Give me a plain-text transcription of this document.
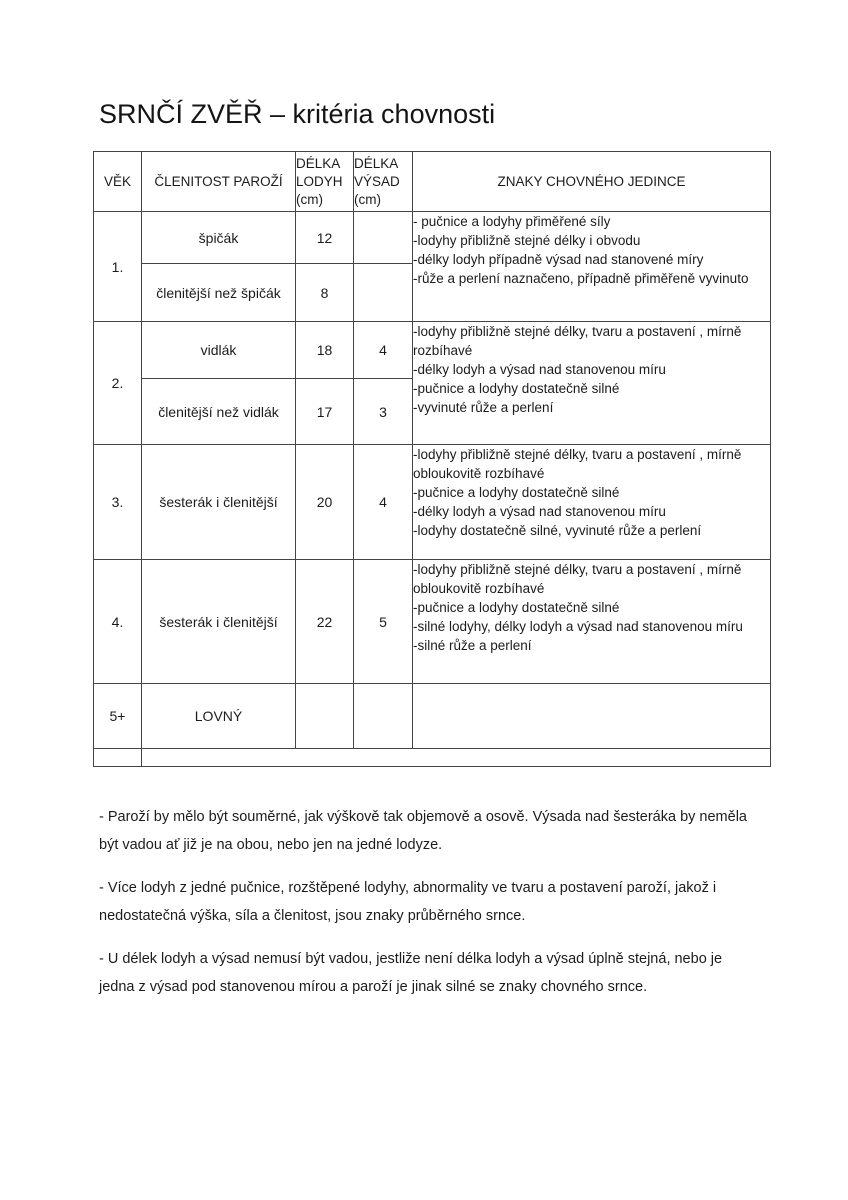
SRNČÍ ZVĚŘ – kritéria chovnosti
VĚK	ČLENITOST PAROŽÍ	DÉLKA LODYH (cm)	DÉLKA VÝSAD (cm)	ZNAKY CHOVNÉHO JEDINCE
1.	špičák	12		- pučnice a lodyhy přiměřené síly
-lodyhy přibližně stejné délky i obvodu
-délky lodyh případně výsad nad stanovené míry
-růže a perlení naznačeno, případně přiměřeně vyvinuto

	členitější než špičák	8		
2.	vidlák	18	4	-lodyhy přibližně stejné délky, tvaru a postavení , mírně rozbíhavé
-délky lodyh a výsad nad stanovenou míru
-pučnice a lodyhy dostatečně silné
-vyvinuté růže a perlení

	členitější než vidlák	17	3	
3.	šesterák i členitější	20	4	-lodyhy přibližně stejné délky, tvaru a postavení , mírně obloukovitě rozbíhavé
-pučnice a lodyhy dostatečně silné
-délky lodyh a výsad nad stanovenou míru
-lodyhy dostatečně silné, vyvinuté růže a perlení

4.	šesterák i členitější	22	5	-lodyhy přibližně stejné délky, tvaru a postavení , mírně obloukovitě rozbíhavé
-pučnice a lodyhy dostatečně silné
-silné lodyhy, délky lodyh a výsad nad stanovenou míru
-silné růže a perlení

5+	LOVNÝ			

- Paroží by mělo být souměrné, jak výškově tak objemově a osově. Výsada nad šesteráka by neměla být vadou ať již je na obou, nebo jen na jedné lodyze.

- Více lodyh z jedné pučnice, rozštěpené lodyhy, abnormality ve tvaru a postavení paroží, jakož i nedostatečná výška, síla a členitost, jsou znaky průběrného srnce.

- U délek lodyh a výsad nemusí být vadou, jestliže není délka lodyh a výsad úplně stejná, nebo je jedna z výsad pod stanovenou mírou a paroží je jinak silné se znaky chovného srnce.
